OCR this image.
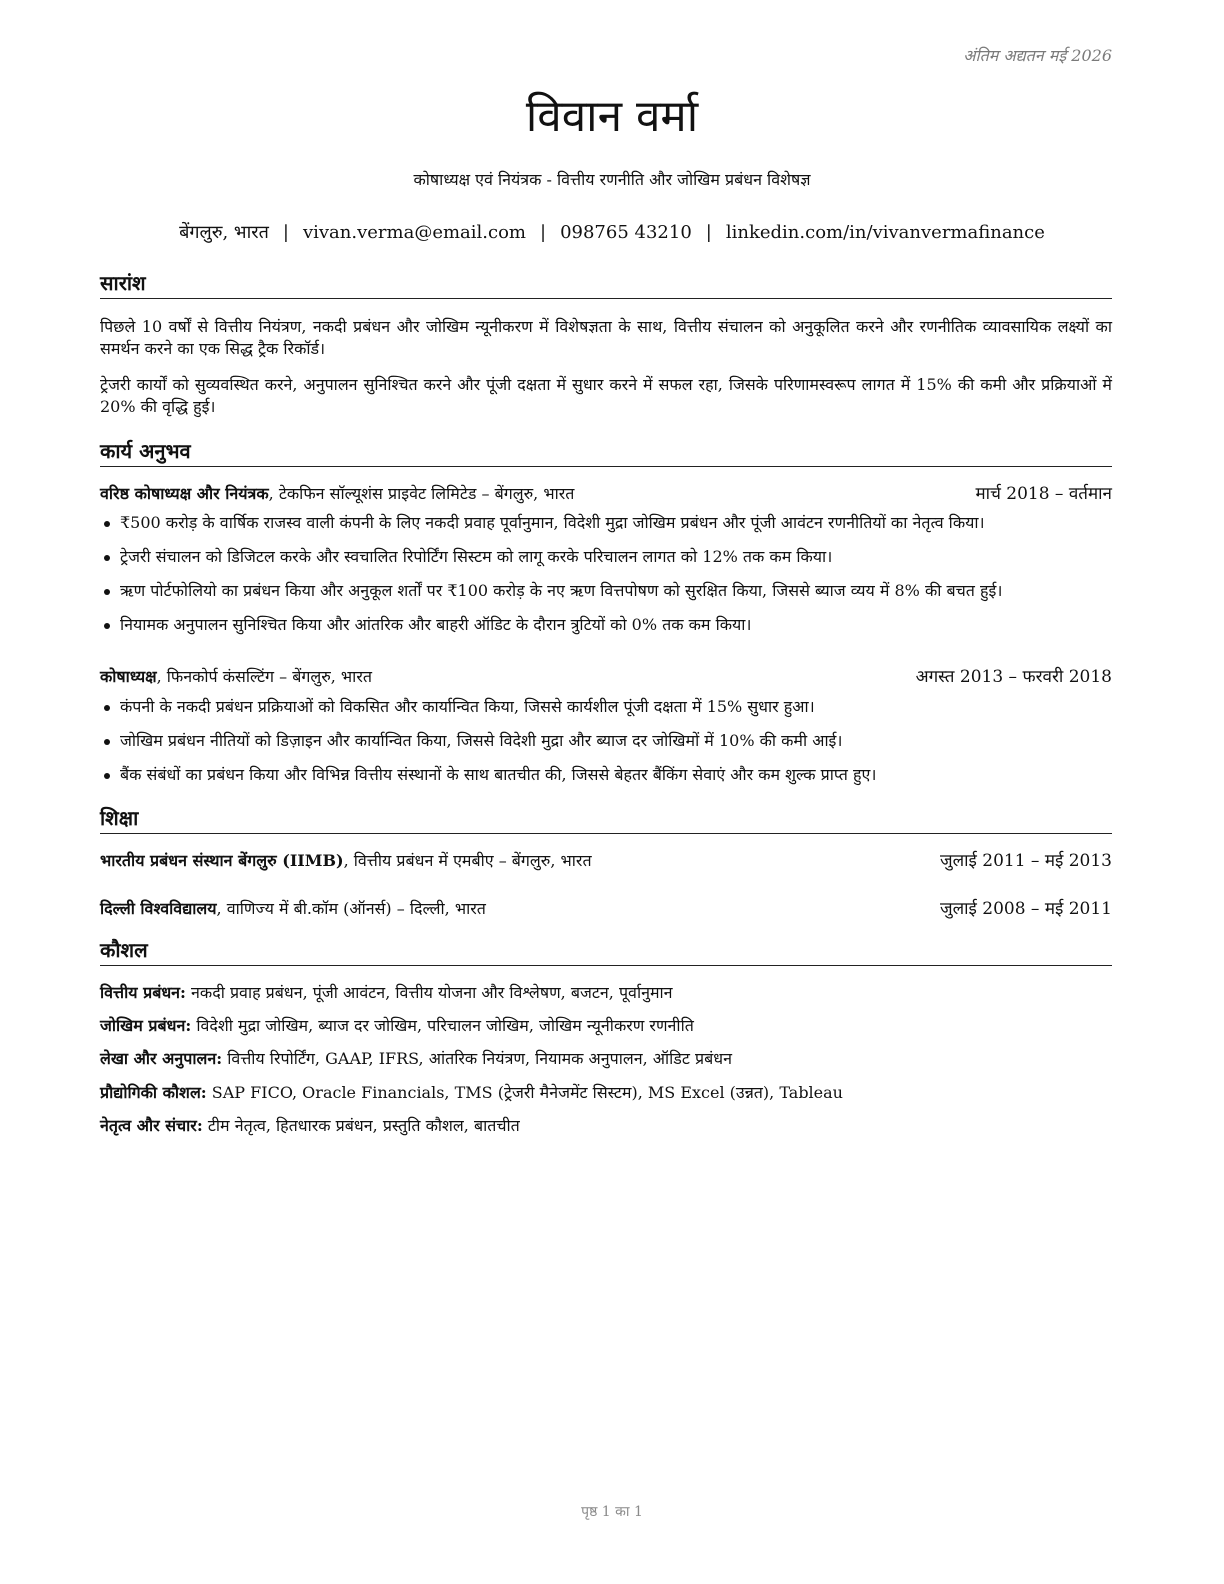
अंतिम अद्यतन मई 2026
विवान वर्मा
कोषाध्यक्ष एवं नियंत्रक - वित्तीय रणनीति और जोखिम प्रबंधन विशेषज्ञ
बेंगलुरु, भारत | vivan.verma@email.com | 098765 43210 | linkedin.com/in/vivanvermafinance
सारांश

पिछले 10 वर्षों से वित्तीय नियंत्रण, नकदी प्रबंधन और जोखिम न्यूनीकरण में विशेषज्ञता के साथ, वित्तीय संचालन को अनुकूलित करने और रणनीतिक व्यावसायिक लक्ष्यों का समर्थन करने का एक सिद्ध ट्रैक रिकॉर्ड।

ट्रेजरी कार्यों को सुव्यवस्थित करने, अनुपालन सुनिश्चित करने और पूंजी दक्षता में सुधार करने में सफल रहा, जिसके परिणामस्वरूप लागत में 15% की कमी और प्रक्रियाओं में 20% की वृद्धि हुई।

कार्य अनुभव
वरिष्ठ कोषाध्यक्ष और नियंत्रक, टेकफिन सॉल्यूशंस प्राइवेट लिमिटेड – बेंगलुरु, भारत	मार्च 2018 – वर्तमान
₹500 करोड़ के वार्षिक राजस्व वाली कंपनी के लिए नकदी प्रवाह पूर्वानुमान, विदेशी मुद्रा जोखिम प्रबंधन और पूंजी आवंटन रणनीतियों का नेतृत्व किया।
ट्रेजरी संचालन को डिजिटल करके और स्वचालित रिपोर्टिंग सिस्टम को लागू करके परिचालन लागत को 12% तक कम किया।
ऋण पोर्टफोलियो का प्रबंधन किया और अनुकूल शर्तों पर ₹100 करोड़ के नए ऋण वित्तपोषण को सुरक्षित किया, जिससे ब्याज व्यय में 8% की बचत हुई।
नियामक अनुपालन सुनिश्चित किया और आंतरिक और बाहरी ऑडिट के दौरान त्रुटियों को 0% तक कम किया।
कोषाध्यक्ष, फिनकोर्प कंसल्टिंग – बेंगलुरु, भारत	अगस्त 2013 – फरवरी 2018
कंपनी के नकदी प्रबंधन प्रक्रियाओं को विकसित और कार्यान्वित किया, जिससे कार्यशील पूंजी दक्षता में 15% सुधार हुआ।
जोखिम प्रबंधन नीतियों को डिज़ाइन और कार्यान्वित किया, जिससे विदेशी मुद्रा और ब्याज दर जोखिमों में 10% की कमी आई।
बैंक संबंधों का प्रबंधन किया और विभिन्न वित्तीय संस्थानों के साथ बातचीत की, जिससे बेहतर बैंकिंग सेवाएं और कम शुल्क प्राप्त हुए।
शिक्षा
भारतीय प्रबंधन संस्थान बेंगलुरु (IIMB), वित्तीय प्रबंधन में एमबीए – बेंगलुरु, भारत	जुलाई 2011 – मई 2013
दिल्ली विश्वविद्यालय, वाणिज्य में बी.कॉम (ऑनर्स) – दिल्ली, भारत	जुलाई 2008 – मई 2011
कौशल
वित्तीय प्रबंधन: नकदी प्रवाह प्रबंधन, पूंजी आवंटन, वित्तीय योजना और विश्लेषण, बजटन, पूर्वानुमान
जोखिम प्रबंधन: विदेशी मुद्रा जोखिम, ब्याज दर जोखिम, परिचालन जोखिम, जोखिम न्यूनीकरण रणनीति
लेखा और अनुपालन: वित्तीय रिपोर्टिंग, GAAP, IFRS, आंतरिक नियंत्रण, नियामक अनुपालन, ऑडिट प्रबंधन
प्रौद्योगिकी कौशल: SAP FICO, Oracle Financials, TMS (ट्रेजरी मैनेजमेंट सिस्टम), MS Excel (उन्नत), Tableau
नेतृत्व और संचार: टीम नेतृत्व, हितधारक प्रबंधन, प्रस्तुति कौशल, बातचीत
पृष्ठ 1 का 1
